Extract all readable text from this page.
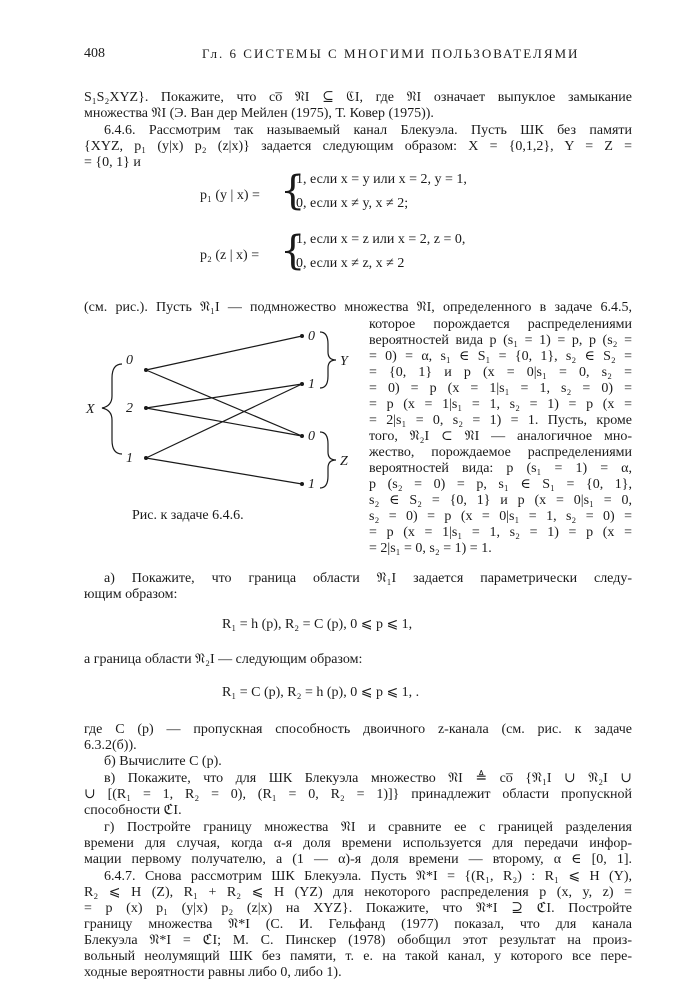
408	Гл. 6 СИСТЕМЫ С МНОГИМИ ПОЛЬЗОВАТЕЛЯМИ
S₁S₂XYZ}. Покажите, что co̅ 𝔑I ⊆ ℭI, где 𝔑I означает выпуклое замыкание
множества 𝔑I (Э. Ван дер Мейлен (1975), Т. Ковер (1975)).
6.4.6. Рассмотрим так называемый канал Блекуэла. Пусть ШК без памяти
{XYZ, p₁ (y|x) p₂ (z|x)} задается следующим образом: X = {0,1,2}, Y = Z =
= {0, 1} и
p₁ (y | x) = {
1, если x = y или x = 2, y = 1,
0, если x ≠ y, x ≠ 2;
p₂ (z | x) = {
1, если x = z или x = 2, z = 0,
0, если x ≠ z, x ≠ 2
(см. рис.). Пусть 𝔑₁I — подмножество множества 𝔑I, определенного в задаче 6.4.5,
которое порождается распределениями
вероятностей вида p (s₁ = 1) = p, p (s₂ =
= 0) = α, s₁ ∈ S₁ = {0, 1}, s₂ ∈ S₂ =
= {0, 1} и p (x = 0|s₁ = 0, s₂ =
= 0) = p (x = 1|s₁ = 1, s₂ = 0) =
= p (x = 1|s₁ = 1, s₂ = 1) = p (x =
= 2|s₁ = 0, s₂ = 1) = 1. Пусть, кроме
того, 𝔑₂I ⊂ 𝔑I — аналогичное мно-
жество, порождаемое распределениями
вероятностей вида: p (s₁ = 1) = α,
p (s₂ = 0) = p, s₁ ∈ S₁ = {0, 1},
s₂ ∈ S₂ = {0, 1} и p (x = 0|s₁ = 0,
s₂ = 0) = p (x = 0|s₁ = 1, s₂ = 0) =
= p (x = 1|s₁ = 1, s₂ = 1) = p (x =
= 2|s₁ = 0, s₂ = 1) = 1.
X
0
2
1
0
1
0
1
Y
Z
Рис. к задаче 6.4.6.
а) Покажите, что граница области 𝔑₁I задается параметрически следу-
ющим образом:
R₁ = h (p), R₂ = C (p), 0 ⩽ p ⩽ 1,
а граница области 𝔑₂I — следующим образом:
R₁ = C (p), R₂ = h (p), 0 ⩽ p ⩽ 1, .
где C (p) — пропускная способность двоичного z-канала (см. рис. к задаче
6.3.2(б)).
б) Вычислите C (p).
в) Покажите, что для ШК Блекуэла множество 𝔑I ≜ co̅ {𝔑₁I ∪ 𝔑₂I ∪
∪ [(R₁ = 1, R₂ = 0), (R₁ = 0, R₂ = 1)]} принадлежит области пропускной
способности ℭI.
г) Постройте границу множества 𝔑I и сравните ее с границей разделения
времени для случая, когда α-я доля времени используется для передачи инфор-
мации первому получателю, а (1 — α)-я доля времени — второму, α ∈ [0, 1].
6.4.7. Снова рассмотрим ШК Блекуэла. Пусть 𝔑*I = {(R₁, R₂) : R₁ ⩽ H (Y),
R₂ ⩽ H (Z), R₁ + R₂ ⩽ H (YZ) для некоторого распределения p (x, y, z) =
= p (x) p₁ (y|x) p₂ (z|x) на XYZ}. Покажите, что 𝔑*I ⊇ ℭI. Постройте
границу множества 𝔑*I (С. И. Гельфанд (1977) показал, что для канала
Блекуэла 𝔑*I = ℭI; М. С. Пинскер (1978) обобщил этот результат на произ-
вольный неолумящий ШК без памяти, т. е. на такой канал, у которого все пере-
ходные вероятности равны либо 0, либо 1).
